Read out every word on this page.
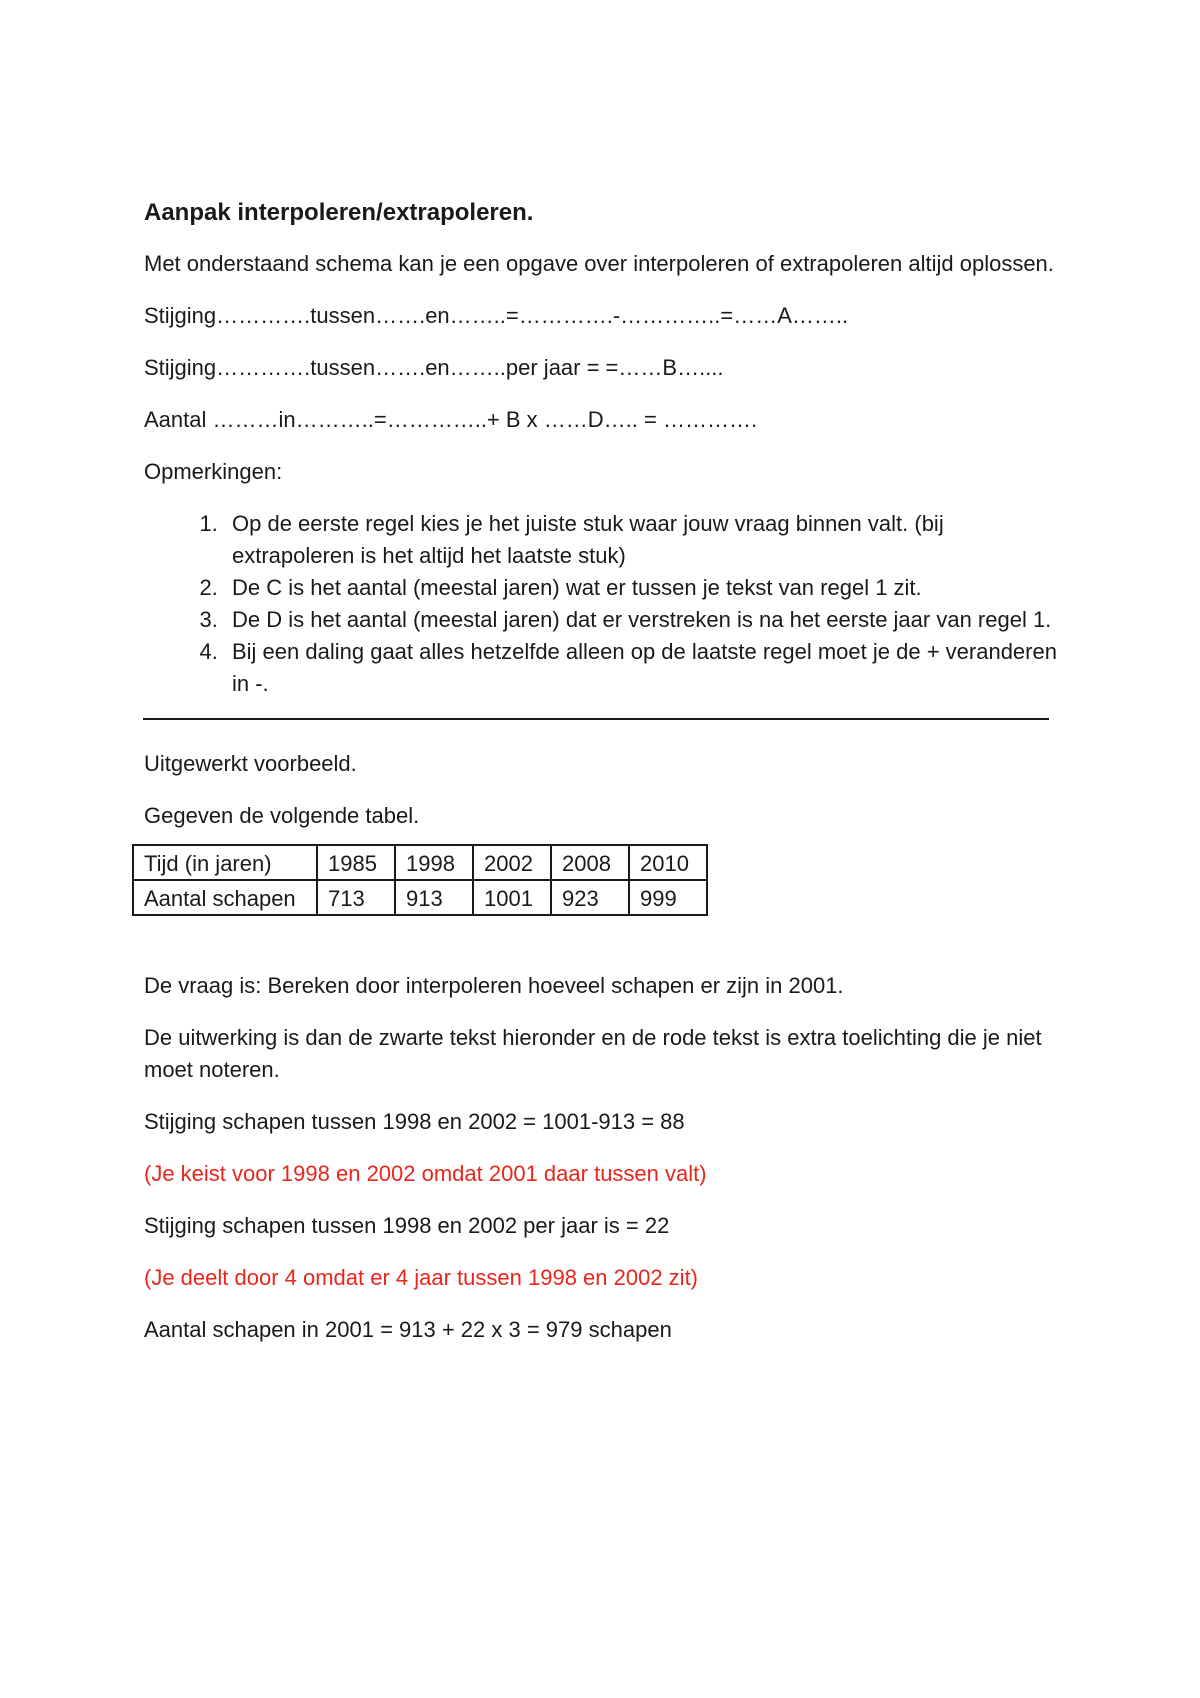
Aanpak interpoleren/extrapoleren.

Met onderstaand schema kan je een opgave over interpoleren of extrapoleren altijd oplossen.

Stijging………….tussen…….en……..=………….-…………..=……A……..

Stijging………….tussen…….en……..per jaar = =……B…....

Aantal ………in………..=…………..+ B x ……D….. = ………….

Opmerkingen:

1. Op de eerste regel kies je het juiste stuk waar jouw vraag binnen valt. (bij extrapoleren is het altijd het laatste stuk)
2. De C is het aantal (meestal jaren) wat er tussen je tekst van regel 1 zit.
3. De D is het aantal (meestal jaren) dat er verstreken is na het eerste jaar van regel 1.
4. Bij een daling gaat alles hetzelfde alleen op de laatste regel moet je de + veranderen in -.

Uitgewerkt voorbeeld.

Gegeven de volgende tabel.

Tijd (in jaren)	1985	1998	2002	2008	2010
Aantal schapen	713	913	1001	923	999

De vraag is: Bereken door interpoleren hoeveel schapen er zijn in 2001.

De uitwerking is dan de zwarte tekst hieronder en de rode tekst is extra toelichting die je niet moet noteren.

Stijging schapen tussen 1998 en 2002 = 1001-913 = 88

(Je keist voor 1998 en 2002 omdat 2001 daar tussen valt)

Stijging schapen tussen 1998 en 2002 per jaar is = 22

(Je deelt door 4 omdat er 4 jaar tussen 1998 en 2002 zit)

Aantal schapen in 2001 = 913 + 22 x 3 = 979 schapen
